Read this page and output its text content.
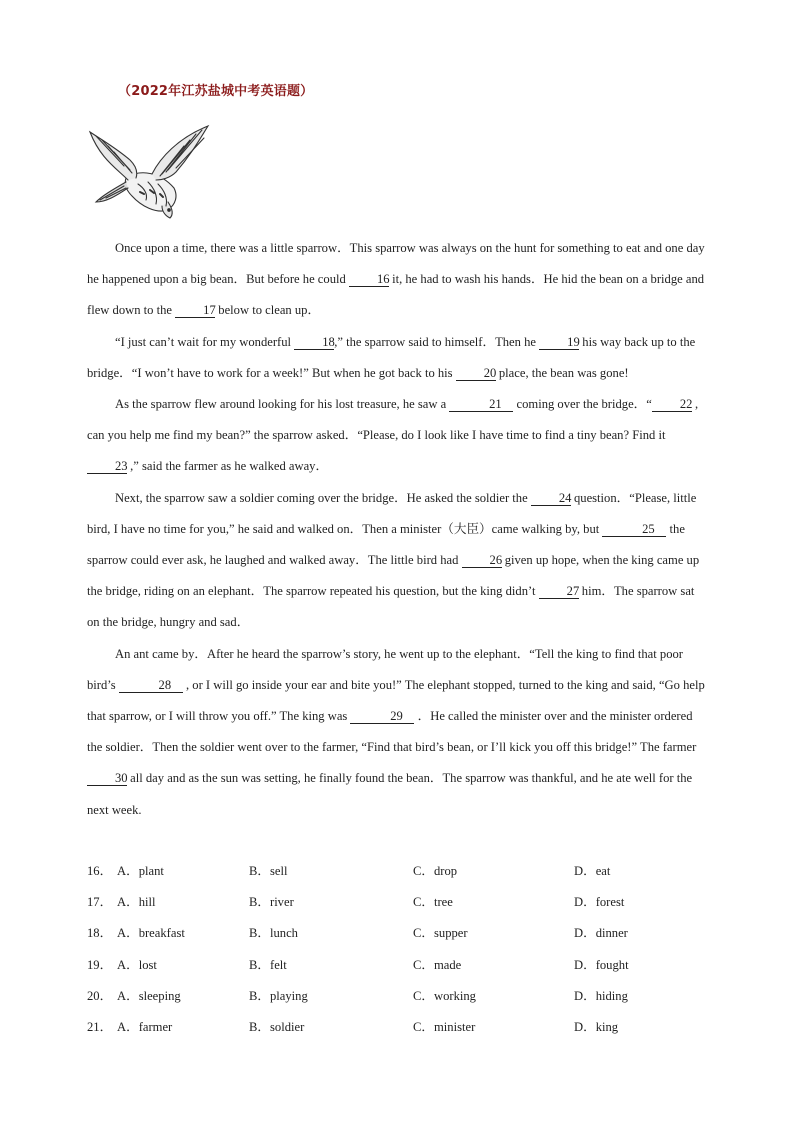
（2022年江苏盐城中考英语题）

Once upon a time, there was a little sparrow．This sparrow was always on the hunt for something to eat and one day he happened upon a big bean．But before he could 16 it, he had to wash his hands．He hid the bean on a bridge and flew down to the 17 below to clean up．

“I just can’t wait for my wonderful 18,” the sparrow said to himself．Then he 19 his way back up to the bridge．“I won’t have to work for a week!” But when he got back to his 20 place, the bean was gone!

As the sparrow flew around looking for his lost treasure, he saw a	21 coming over the bridge．“ 22 , can you help me find my bean?” the sparrow asked．“Please, do I look like I have time to find a tiny bean? Find it 23 ,” said the farmer as he walked away．

Next, the sparrow saw a soldier coming over the bridge．He asked the soldier the 24 question．“Please, little bird, I have no time for you,” he said and walked on．Then a minister（大臣）came walking by, but	25 the sparrow could ever ask, he laughed and walked away．The little bird had 26 given up hope, when the king came up the bridge, riding on an elephant．The sparrow repeated his question, but the king didn’t 27 him．The sparrow sat on the bridge, hungry and sad．

An ant came by．After he heard the sparrow’s story, he went up to the elephant．“Tell the king to find that poor bird’s	28 , or I will go inside your ear and bite you!” The elephant stopped, turned to the king and said, “Go help that sparrow, or I will throw you off.” The king was	29 ．He called the minister over and the minister ordered the soldier．Then the soldier went over to the farmer, “Find that bird’s bean, or I’ll kick you off this bridge!” The farmer 30 all day and as the sun was setting, he finally found the bean．The sparrow was thankful, and he ate well for the next week.

16． A．plant	B．sell	C．drop	D．eat
17． A．hill	B．river	C．tree	D．forest
18． A．breakfast	B．lunch	C．supper	D．dinner
19． A．lost	B．felt	C．made	D．fought
20． A．sleeping	B．playing	C．working	D．hiding
21． A．farmer	B．soldier	C．minister	D．king
